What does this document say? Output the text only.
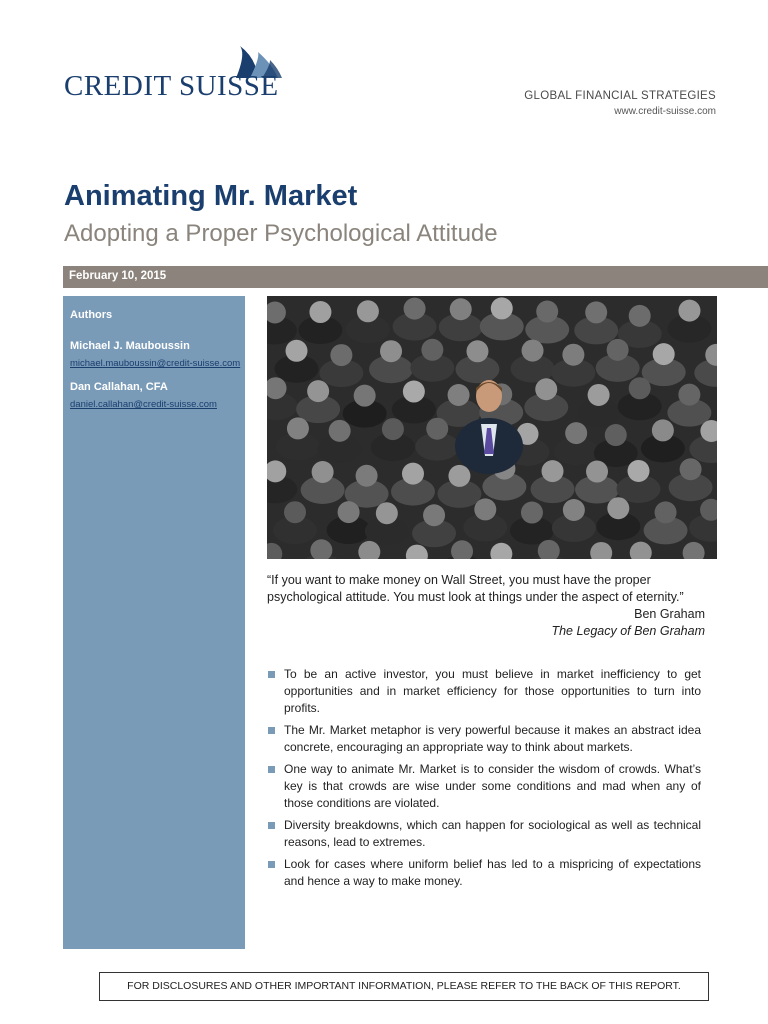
CREDIT SUISSE	GLOBAL FINANCIAL STRATEGIES
www.credit-suisse.com
Animating Mr. Market
Adopting a Proper Psychological Attitude
February 10, 2015
Authors
Michael J. Mauboussin
michael.mauboussin@credit-suisse.com
Dan Callahan, CFA
daniel.callahan@credit-suisse.com

“If you want to make money on Wall Street, you must have the proper psychological attitude. You must look at things under the aspect of eternity.”

Ben Graham
The Legacy of Ben Graham
To be an active investor, you must believe in market inefficiency to get opportunities and in market efficiency for those opportunities to turn into profits.
The Mr. Market metaphor is very powerful because it makes an abstract idea concrete, encouraging an appropriate way to think about markets.
One way to animate Mr. Market is to consider the wisdom of crowds. What’s key is that crowds are wise under some conditions and mad when any of those conditions are violated.
Diversity breakdowns, which can happen for sociological as well as technical reasons, lead to extremes.
Look for cases where uniform belief has led to a mispricing of expectations and hence a way to make money.
FOR DISCLOSURES AND OTHER IMPORTANT INFORMATION, PLEASE REFER TO THE BACK OF THIS REPORT.
